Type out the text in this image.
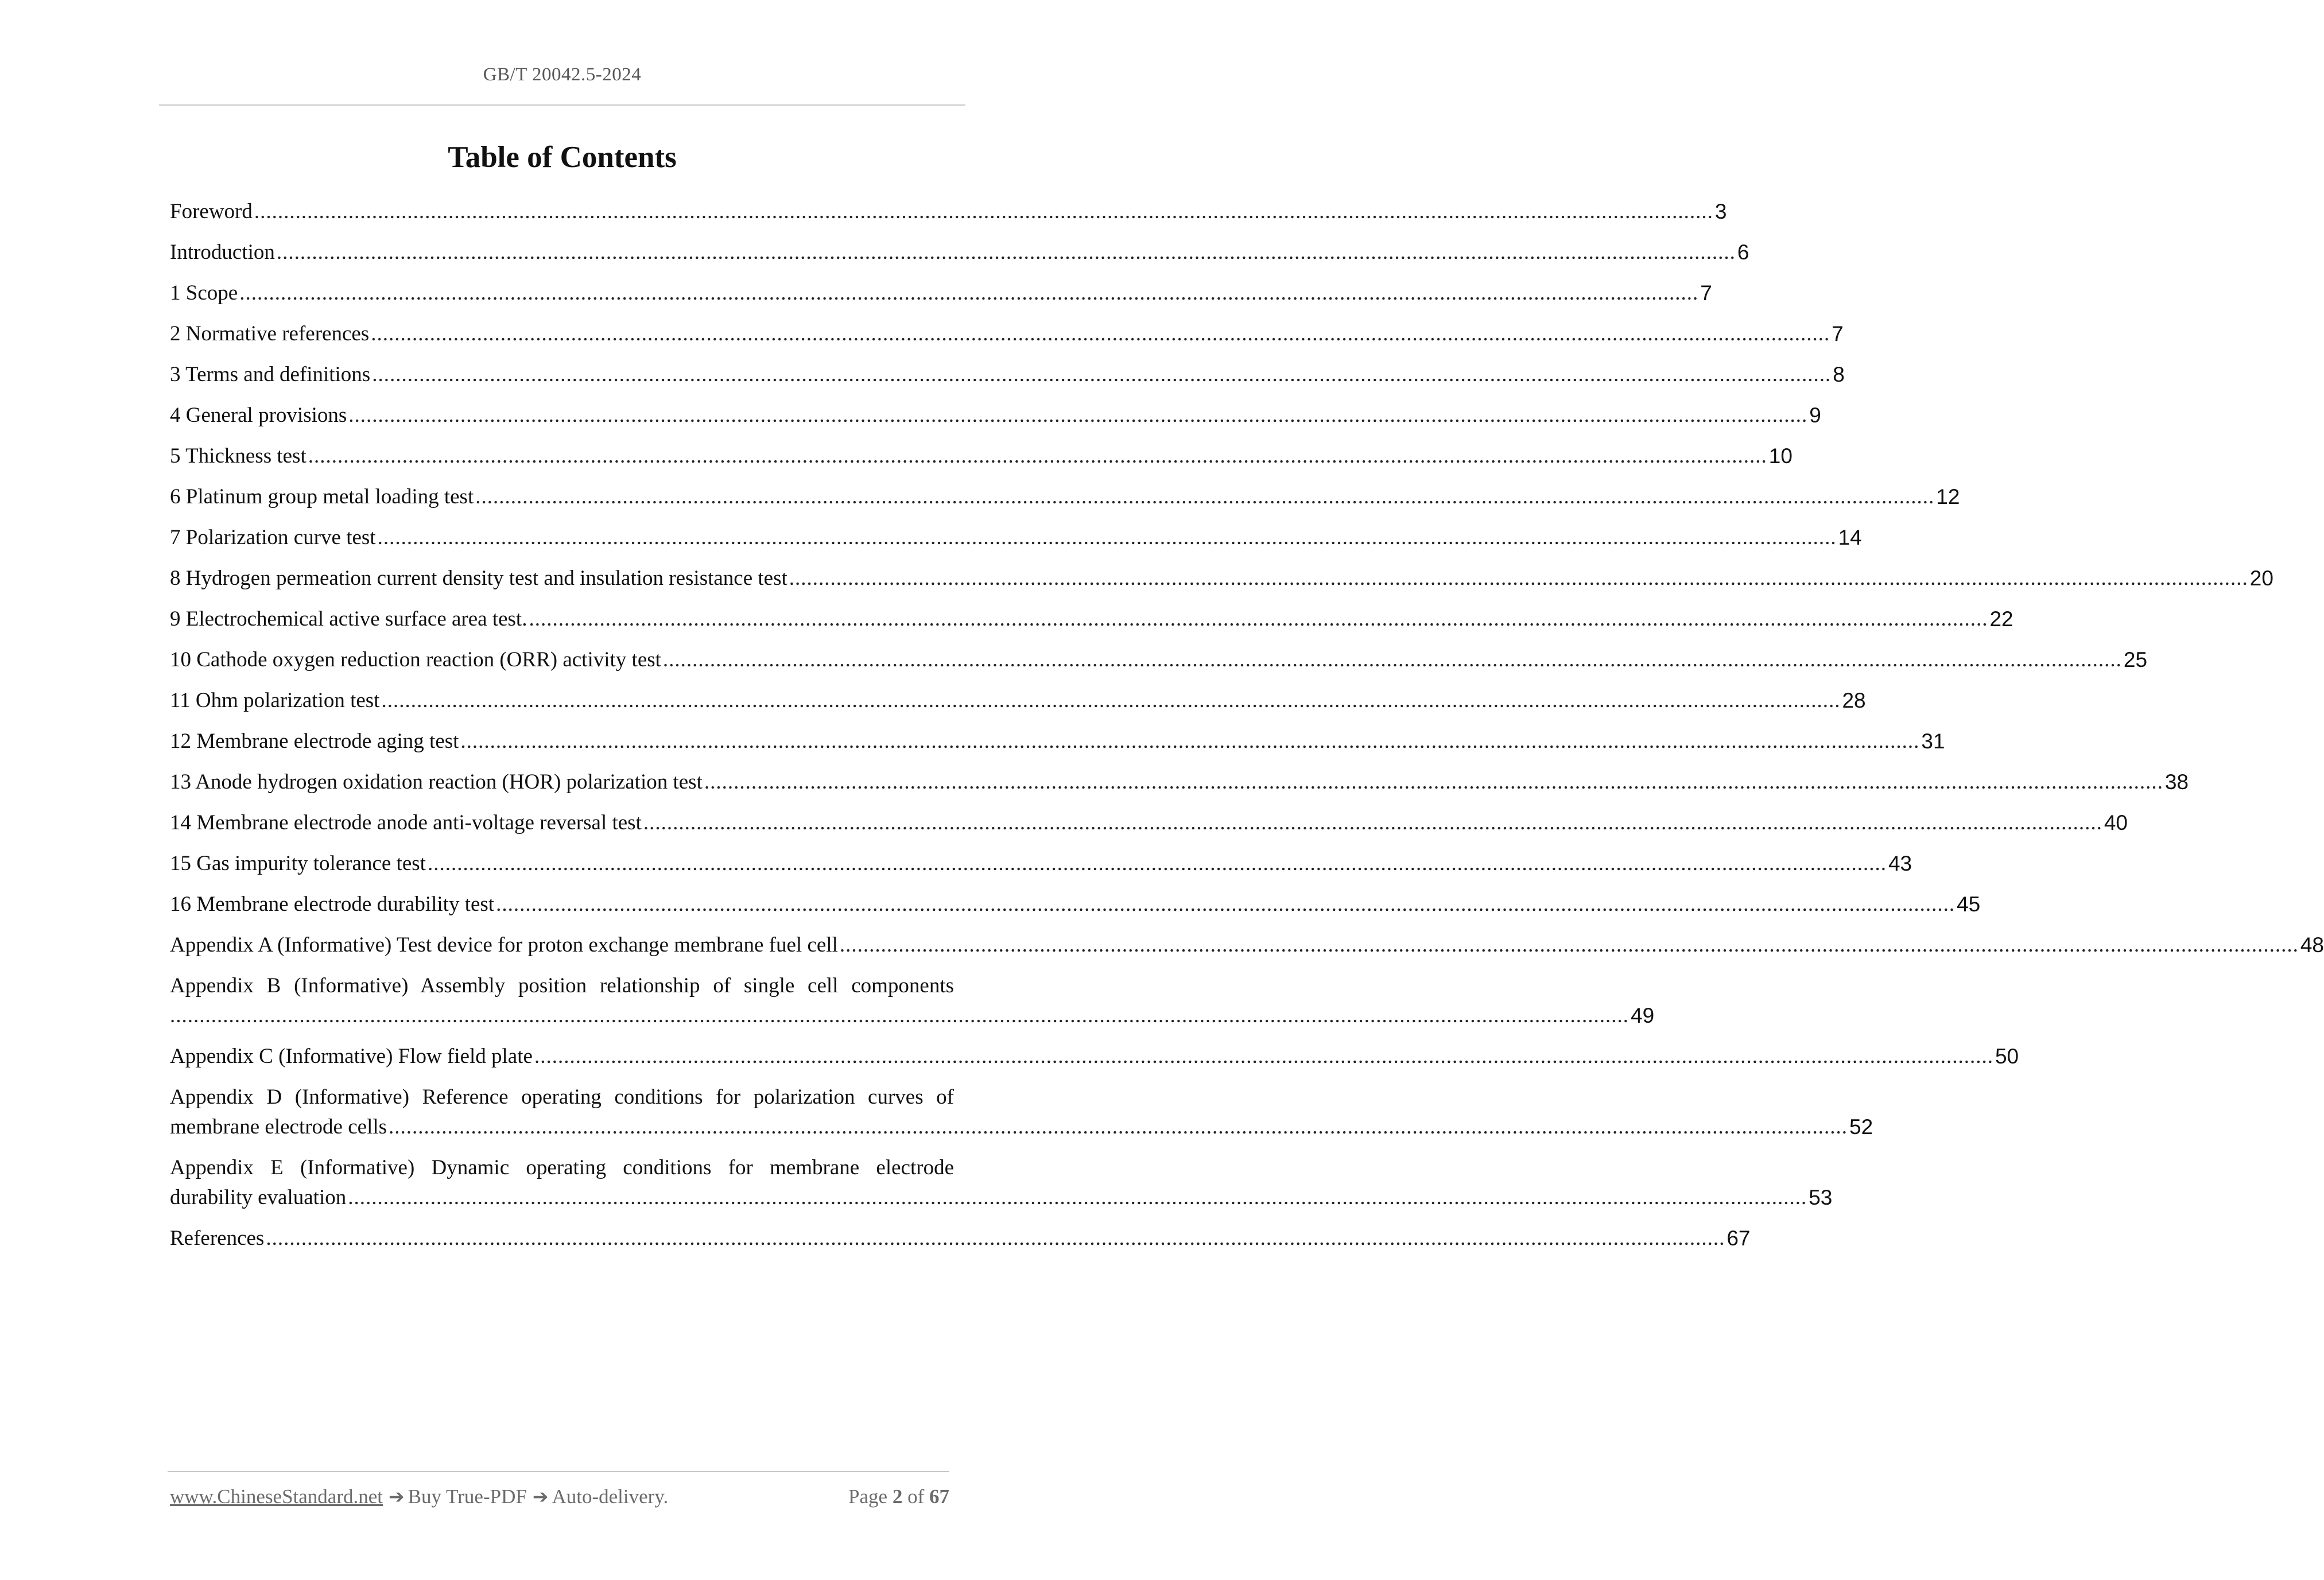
GB/T 20042.5-2024
Table of Contents
Foreword ........................................................................................................................................................................................................................................................ 3
Introduction ........................................................................................................................................................................................................................................................ 6
1 Scope ........................................................................................................................................................................................................................................................ 7
2 Normative references ........................................................................................................................................................................................................................................................ 7
3 Terms and definitions ........................................................................................................................................................................................................................................................ 8
4 General provisions ........................................................................................................................................................................................................................................................ 9
5 Thickness test ........................................................................................................................................................................................................................................................ 10
6 Platinum group metal loading test ........................................................................................................................................................................................................................................................ 12
7 Polarization curve test ........................................................................................................................................................................................................................................................ 14
8 Hydrogen permeation current density test and insulation resistance test ........................................................................................................................................................................................................................................................ 20
9 Electrochemical active surface area test. ........................................................................................................................................................................................................................................................ 22
10 Cathode oxygen reduction reaction (ORR) activity test ........................................................................................................................................................................................................................................................ 25
11 Ohm polarization test ........................................................................................................................................................................................................................................................ 28
12 Membrane electrode aging test ........................................................................................................................................................................................................................................................ 31
13 Anode hydrogen oxidation reaction (HOR) polarization test ........................................................................................................................................................................................................................................................ 38
14 Membrane electrode anode anti-voltage reversal test ........................................................................................................................................................................................................................................................ 40
15 Gas impurity tolerance test ........................................................................................................................................................................................................................................................ 43
16 Membrane electrode durability test ........................................................................................................................................................................................................................................................ 45
Appendix A (Informative) Test device for proton exchange membrane fuel cell ........................................................................................................................................................................................................................................................ 48
Appendix B (Informative) Assembly position relationship of single cell components
........................................................................................................................................................................................................................................................ 49
Appendix C (Informative) Flow field plate ........................................................................................................................................................................................................................................................ 50
Appendix D (Informative) Reference operating conditions for polarization curves of
membrane electrode cells ........................................................................................................................................................................................................................................................ 52
Appendix E (Informative) Dynamic operating conditions for membrane electrode
durability evaluation ........................................................................................................................................................................................................................................................ 53
References ........................................................................................................................................................................................................................................................ 67
www.ChineseStandard.net ➔ Buy True-PDF ➔ Auto-delivery.	Page 2 of 67
